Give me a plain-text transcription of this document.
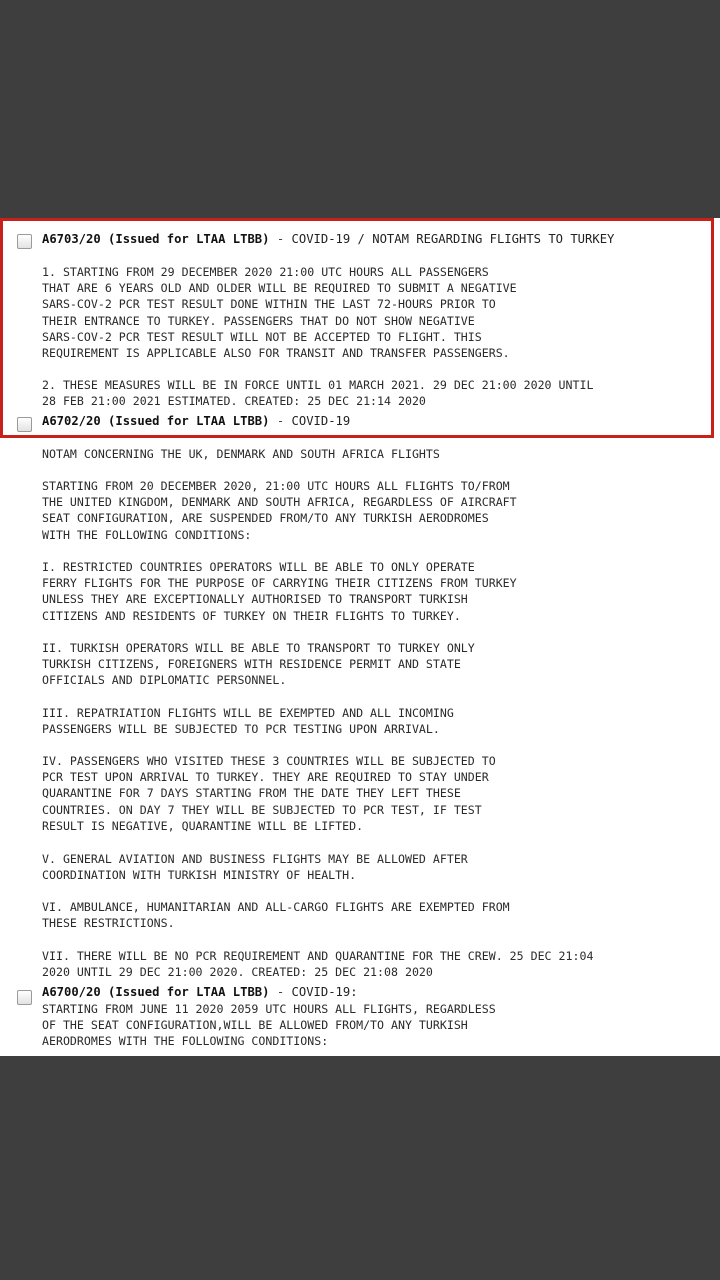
A6703/20 (Issued for LTAA LTBB) - COVID-19 / NOTAM REGARDING FLIGHTS TO TURKEY
1. STARTING FROM 29 DECEMBER 2020 21:00 UTC HOURS ALL PASSENGERS
THAT ARE 6 YEARS OLD AND OLDER WILL BE REQUIRED TO SUBMIT A NEGATIVE
SARS-COV-2 PCR TEST RESULT DONE WITHIN THE LAST 72-HOURS PRIOR TO
THEIR ENTRANCE TO TURKEY. PASSENGERS THAT DO NOT SHOW NEGATIVE
SARS-COV-2 PCR TEST RESULT WILL NOT BE ACCEPTED TO FLIGHT. THIS
REQUIREMENT IS APPLICABLE ALSO FOR TRANSIT AND TRANSFER PASSENGERS.
2. THESE MEASURES WILL BE IN FORCE UNTIL 01 MARCH 2021. 29 DEC 21:00 2020 UNTIL
28 FEB 21:00 2021 ESTIMATED. CREATED: 25 DEC 21:14 2020
A6702/20 (Issued for LTAA LTBB) - COVID-19
NOTAM CONCERNING THE UK, DENMARK AND SOUTH AFRICA FLIGHTS
STARTING FROM 20 DECEMBER 2020, 21:00 UTC HOURS ALL FLIGHTS TO/FROM
THE UNITED KINGDOM, DENMARK AND SOUTH AFRICA, REGARDLESS OF AIRCRAFT
SEAT CONFIGURATION, ARE SUSPENDED FROM/TO ANY TURKISH AERODROMES
WITH THE FOLLOWING CONDITIONS:
I. RESTRICTED COUNTRIES OPERATORS WILL BE ABLE TO ONLY OPERATE
FERRY FLIGHTS FOR THE PURPOSE OF CARRYING THEIR CITIZENS FROM TURKEY
UNLESS THEY ARE EXCEPTIONALLY AUTHORISED TO TRANSPORT TURKISH
CITIZENS AND RESIDENTS OF TURKEY ON THEIR FLIGHTS TO TURKEY.
II. TURKISH OPERATORS WILL BE ABLE TO TRANSPORT TO TURKEY ONLY
TURKISH CITIZENS, FOREIGNERS WITH RESIDENCE PERMIT AND STATE
OFFICIALS AND DIPLOMATIC PERSONNEL.
III. REPATRIATION FLIGHTS WILL BE EXEMPTED AND ALL INCOMING
PASSENGERS WILL BE SUBJECTED TO PCR TESTING UPON ARRIVAL.
IV. PASSENGERS WHO VISITED THESE 3 COUNTRIES WILL BE SUBJECTED TO
PCR TEST UPON ARRIVAL TO TURKEY. THEY ARE REQUIRED TO STAY UNDER
QUARANTINE FOR 7 DAYS STARTING FROM THE DATE THEY LEFT THESE
COUNTRIES. ON DAY 7 THEY WILL BE SUBJECTED TO PCR TEST, IF TEST
RESULT IS NEGATIVE, QUARANTINE WILL BE LIFTED.
V. GENERAL AVIATION AND BUSINESS FLIGHTS MAY BE ALLOWED AFTER
COORDINATION WITH TURKISH MINISTRY OF HEALTH.
VI. AMBULANCE, HUMANITARIAN AND ALL-CARGO FLIGHTS ARE EXEMPTED FROM
THESE RESTRICTIONS.
VII. THERE WILL BE NO PCR REQUIREMENT AND QUARANTINE FOR THE CREW. 25 DEC 21:04
2020 UNTIL 29 DEC 21:00 2020. CREATED: 25 DEC 21:08 2020
A6700/20 (Issued for LTAA LTBB) - COVID-19:
STARTING FROM JUNE 11 2020 2059 UTC HOURS ALL FLIGHTS, REGARDLESS
OF THE SEAT CONFIGURATION,WILL BE ALLOWED FROM/TO ANY TURKISH
AERODROMES WITH THE FOLLOWING CONDITIONS:
